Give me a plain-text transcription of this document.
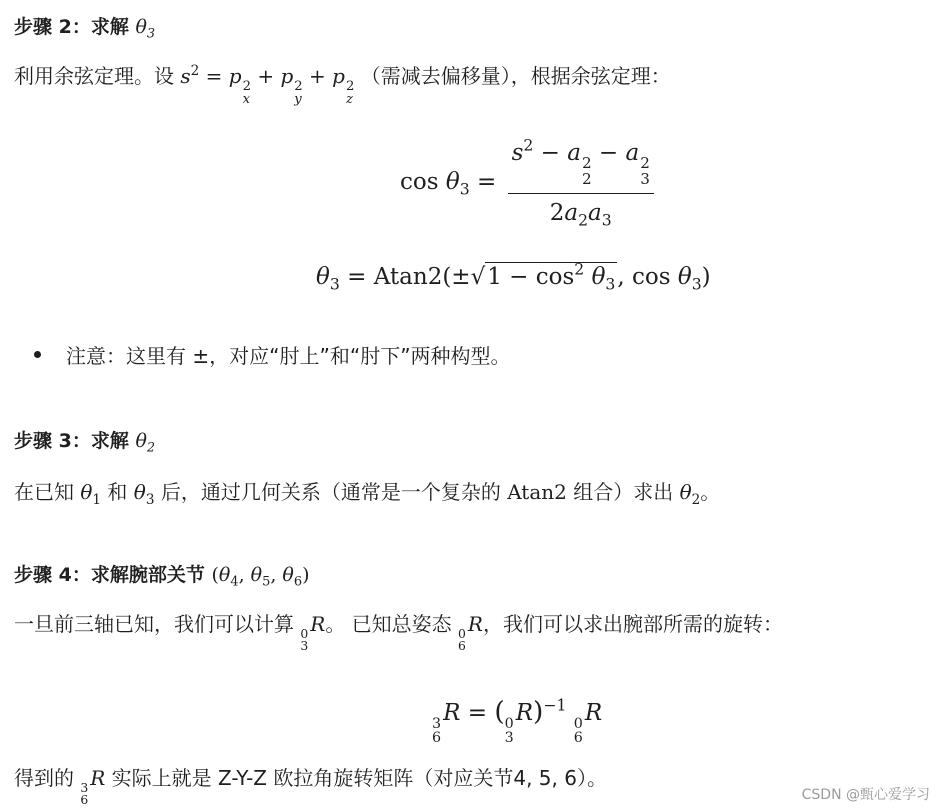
步骤 2：求解 $\theta_3$
利用余弦定理。设 $s^2 = p$ 2
x
+ p 2
y
+ p 2
z
（需减去偏移量），根据余弦定理：
$\cos \theta_3 = s^2 - a$ 2
2
− a 2
3
$2a_2a_3$
$\theta_3 = Atan2(\pm√1 - \cos^2 \theta_3$, $\cos \theta_3$)
注意：这里有 ±，对应“肘上”和“肘下”两种构型。
步骤 3：求解 $\theta_2$
在已知 $\theta_1$ 和 $\theta_3$ 后，通过几何关系（通常是一个复杂的 Atan2 组合）求出 $\theta_2$。
步骤 4：求解腕部关节 ($\theta_4$, $\theta_5$, $\theta_6$)
一旦前三轴已知，我们可以计算 0
3
R。 已知总姿态 0
6
R，我们可以求出腕部所需的旋转：
3
6
R = ( 0
3
R)$^{-1}$
0
6
R
得到的 3
6
R 实际上就是 Z-Y-Z 欧拉角旋转矩阵（对应关节4, 5, 6）。
CSDN @甄心爱学习
